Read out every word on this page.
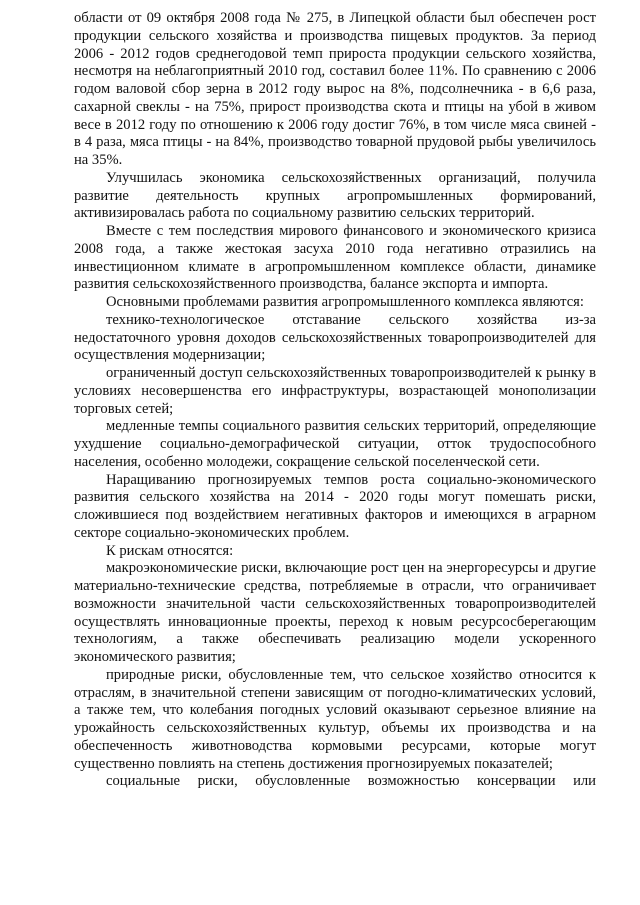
области от 09 октября 2008 года № 275, в Липецкой области был обеспечен рост продукции сельского хозяйства и производства пищевых продуктов. За период 2006 - 2012 годов среднегодовой темп прироста продукции сельского хозяйства, несмотря на неблагоприятный 2010 год, составил более 11%. По сравнению с 2006 годом валовой сбор зерна в 2012 году вырос на 8%, подсолнечника - в 6,6 раза, сахарной свеклы - на 75%, прирост производства скота и птицы на убой в живом весе в 2012 году по отношению к 2006 году достиг 76%, в том числе мяса свиней - в 4 раза, мяса птицы - на 84%, производство товарной прудовой рыбы увеличилось на 35%.

Улучшилась экономика сельскохозяйственных организаций, получила развитие деятельность крупных агропромышленных формирований, активизировалась работа по социальному развитию сельских территорий.

Вместе с тем последствия мирового финансового и экономического кризиса 2008 года, а также жестокая засуха 2010 года негативно отразились на инвестиционном климате в агропромышленном комплексе области, динамике развития сельскохозяйственного производства, балансе экспорта и импорта.

Основными проблемами развития агропромышленного комплекса являются:

технико-технологическое отставание сельского хозяйства из-за недостаточного уровня доходов сельскохозяйственных товаропроизводителей для осуществления модернизации;

ограниченный доступ сельскохозяйственных товаропроизводителей к рынку в условиях несовершенства его инфраструктуры, возрастающей монополизации торговых сетей;

медленные темпы социального развития сельских территорий, определяющие ухудшение социально-демографической ситуации, отток трудоспособного населения, особенно молодежи, сокращение сельской поселенческой сети.

Наращиванию прогнозируемых темпов роста социально-экономического развития сельского хозяйства на 2014 - 2020 годы могут помешать риски, сложившиеся под воздействием негативных факторов и имеющихся в аграрном секторе социально-экономических проблем.

К рискам относятся:

макроэкономические риски, включающие рост цен на энергоресурсы и другие материально-технические средства, потребляемые в отрасли, что ограничивает возможности значительной части сельскохозяйственных товаропроизводителей осуществлять инновационные проекты, переход к новым ресурсосберегающим технологиям, а также обеспечивать реализацию модели ускоренного экономического развития;

природные риски, обусловленные тем, что сельское хозяйство относится к отраслям, в значительной степени зависящим от погодно-климатических условий, а также тем, что колебания погодных условий оказывают серьезное влияние на урожайность сельскохозяйственных культур, объемы их производства и на обеспеченность животноводства кормовыми ресурсами, которые могут существенно повлиять на степень достижения прогнозируемых показателей;

социальные риски, обусловленные возможностью консервации или
